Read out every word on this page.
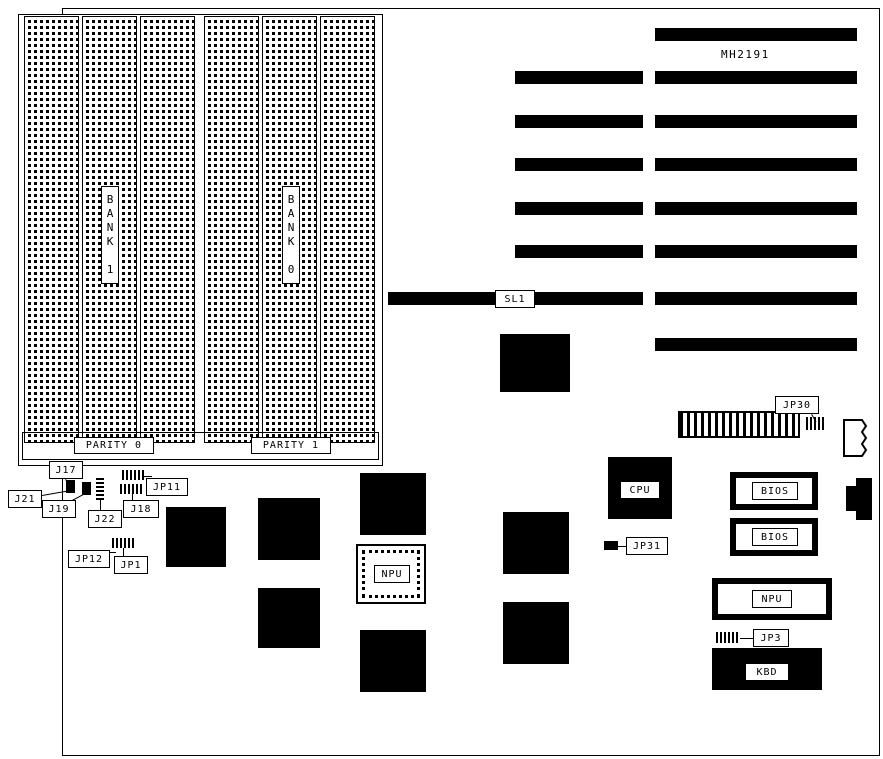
BANK 1	BANK 0
PARITY 0	PARITY 1
SL1
MH2191
CPU
NPU
JP30
BIOS
BIOS
NPU
JP3
KBD
JP31
J17
J21
J19
J22
J18
JP11
JP12
JP1
